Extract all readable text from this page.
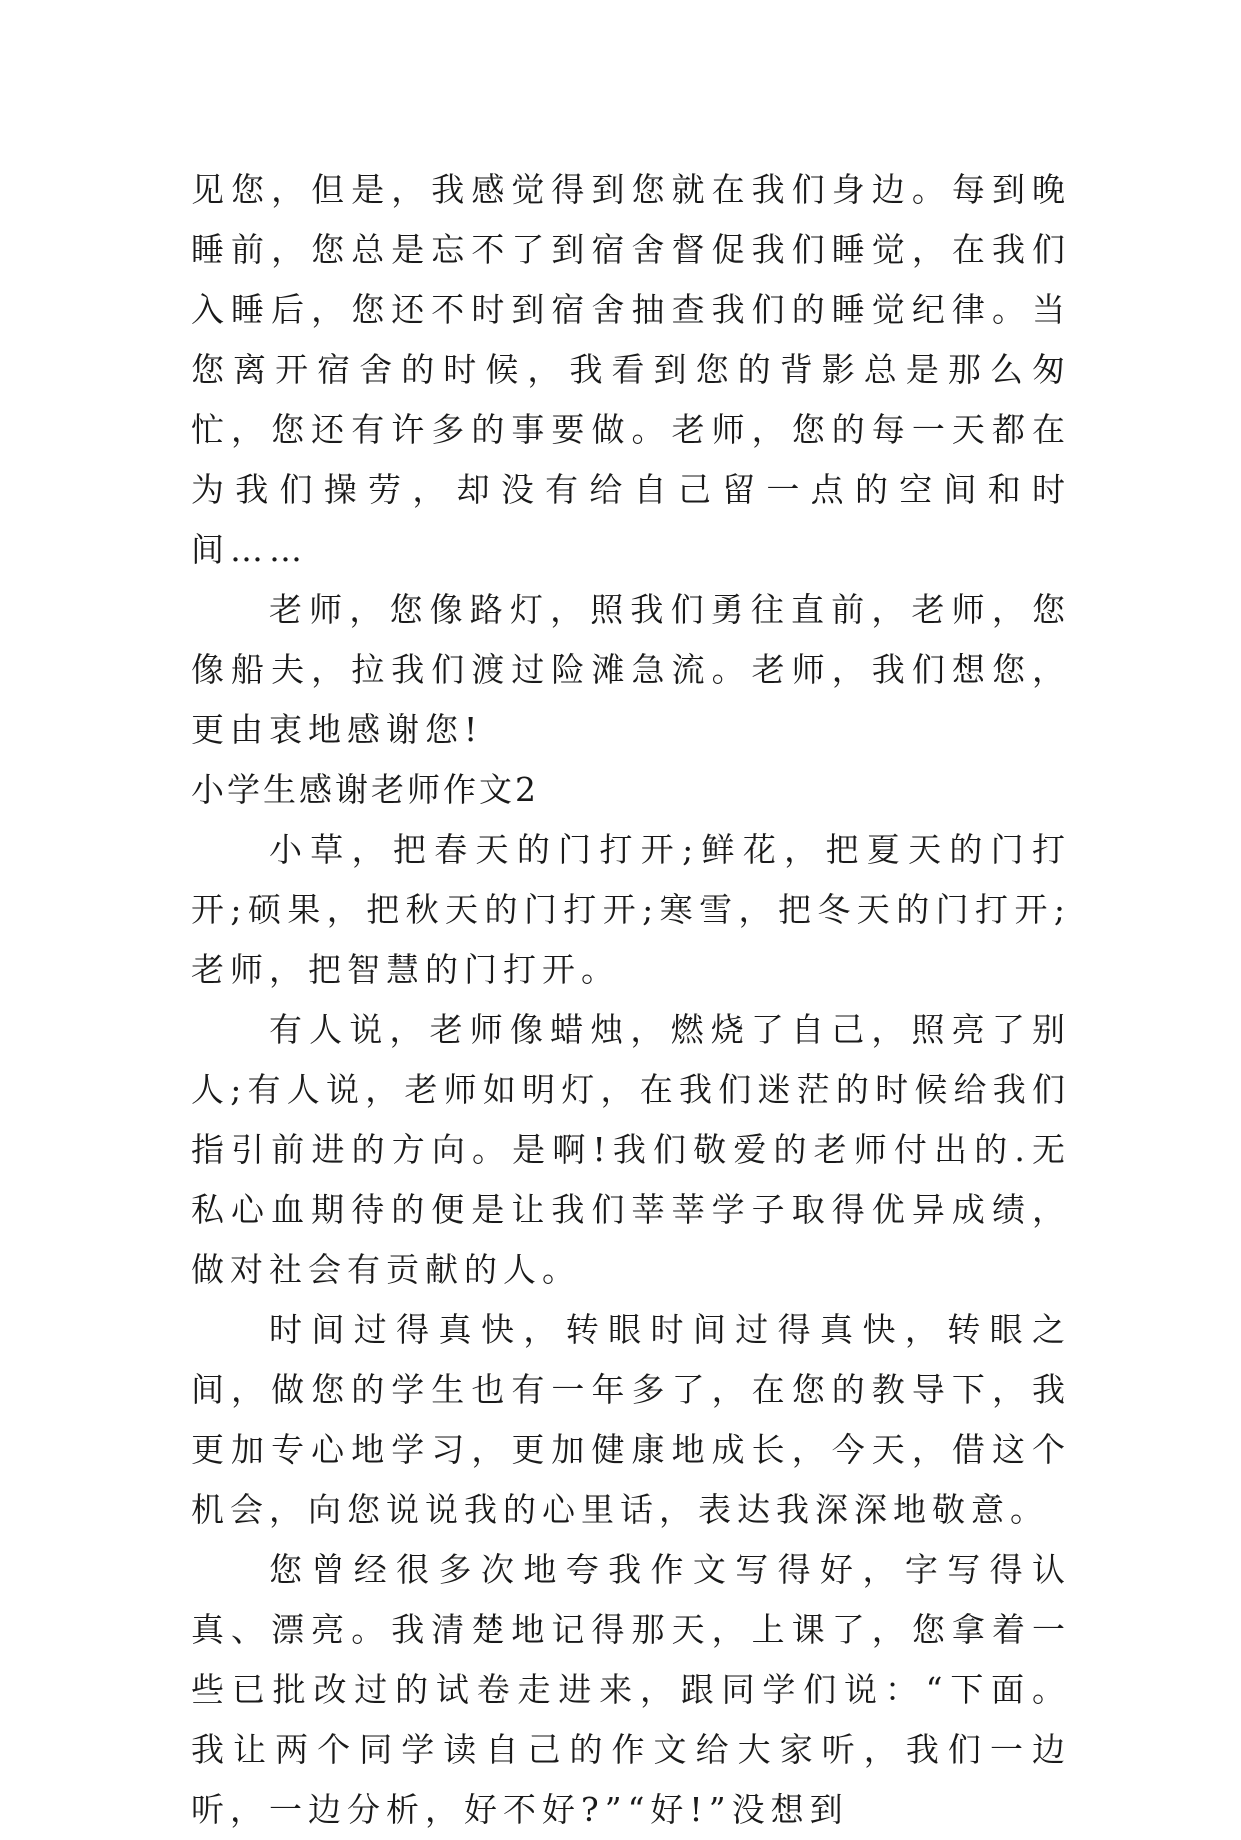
见您，但是，我感觉得到您就在我们身边。每到晚睡前，您总是忘不了到宿舍督促我们睡觉，在我们入睡后，您还不时到宿舍抽查我们的睡觉纪律。当您离开宿舍的时候，我看到您的背影总是那么匆忙，您还有许多的事要做。老师，您的每一天都在为我们操劳，却没有给自己留一点的空间和时间……

老师，您像路灯，照我们勇往直前，老师，您像船夫，拉我们渡过险滩急流。老师，我们想您，更由衷地感谢您!

小学生感谢老师作文2

小草，把春天的门打开;鲜花，把夏天的门打开;硕果，把秋天的门打开;寒雪，把冬天的门打开;老师，把智慧的门打开。

有人说，老师像蜡烛，燃烧了自己，照亮了别人;有人说，老师如明灯，在我们迷茫的时候给我们指引前进的方向。是啊!我们敬爱的老师付出的.无私心血期待的便是让我们莘莘学子取得优异成绩，做对社会有贡献的人。

时间过得真快，转眼时间过得真快，转眼之间，做您的学生也有一年多了，在您的教导下，我更加专心地学习，更加健康地成长，今天，借这个机会，向您说说我的心里话，表达我深深地敬意。

您曾经很多次地夸我作文写得好，字写得认真、漂亮。我清楚地记得那天，上课了，您拿着一些已批改过的试卷走进来，跟同学们说：“下面。我让两个同学读自己的作文给大家听，我们一边听，一边分析，好不好?”“好!”没想到
